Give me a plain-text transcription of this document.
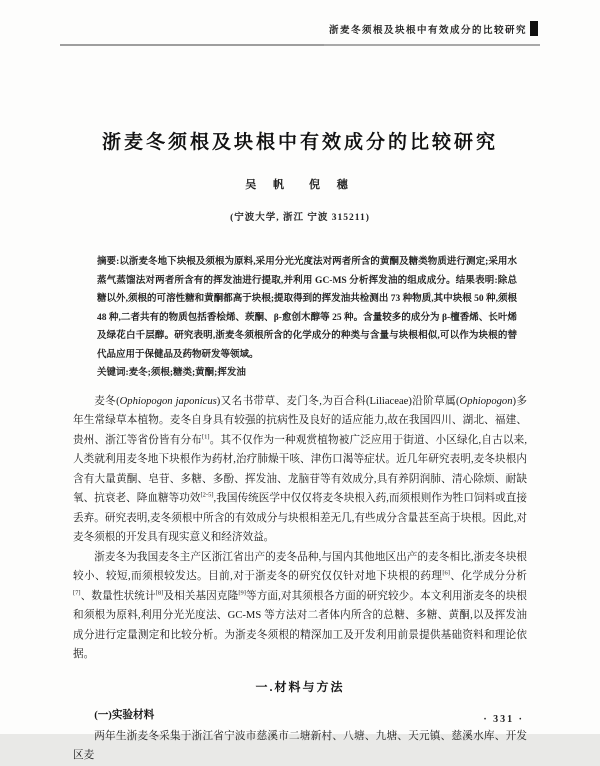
浙麦冬须根及块根中有效成分的比较研究
浙麦冬须根及块根中有效成分的比较研究
吴 帆　倪 穗
(宁波大学, 浙江 宁波 315211)
摘要:以浙麦冬地下块根及须根为原料,采用分光光度法对两者所含的黄酮及糖类物质进行测定;采用水蒸气蒸馏法对两者所含有的挥发油进行提取,并利用 GC-MS 分析挥发油的组成成分。结果表明:除总糖以外,须根的可溶性糖和黄酮都高于块根;提取得到的挥发油共检测出 73 种物质,其中块根 50 种,须根 48 种,二者共有的物质包括香桧烯、莰酮、β-愈创木醇等 25 种。含量较多的成分为 β-檀香烯、长叶烯及绿花白千层醇。研究表明,浙麦冬须根所含的化学成分的种类与含量与块根相似,可以作为块根的替代品应用于保健品及药物研发等领域。
关键词:麦冬;须根;糖类;黄酮;挥发油

麦冬(Ophiopogon japonicus)又名书带草、麦门冬,为百合科(Liliaceae)沿阶草属(Ophiopogon)多年生常绿草本植物。麦冬自身具有较强的抗病性及良好的适应能力,故在我国四川、湖北、福建、贵州、浙江等省份皆有分布[1]。其不仅作为一种观赏植物被广泛应用于街道、小区绿化,自古以来,人类就利用麦冬地下块根作为药材,治疗肺燥干咳、津伤口渴等症状。近几年研究表明,麦冬块根内含有大量黄酮、皂苷、多糖、多酚、挥发油、龙脑苷等有效成分,具有养阴润肺、清心除烦、耐缺氧、抗衰老、降血糖等功效[2-5],我国传统医学中仅仅将麦冬块根入药,而须根则作为牲口饲料或直接丢弃。研究表明,麦冬须根中所含的有效成分与块根相差无几,有些成分含量甚至高于块根。因此,对麦冬须根的开发具有现实意义和经济效益。

浙麦冬为我国麦冬主产区浙江省出产的麦冬品种,与国内其他地区出产的麦冬相比,浙麦冬块根较小、较短,而须根较发达。目前,对于浙麦冬的研究仅仅针对地下块根的药理[6]、化学成分分析[7]、数量性状统计[8]及相关基因克隆[9]等方面,对其须根各方面的研究较少。本文利用浙麦冬的块根和须根为原料,利用分光光度法、GC-MS 等方法对二者体内所含的总糖、多糖、黄酮,以及挥发油成分进行定量测定和比较分析。为浙麦冬须根的精深加工及开发利用前景提供基础资料和理论依据。

一.材料与方法

(一)实验材料

两年生浙麦冬采集于浙江省宁波市慈溪市二塘新村、八塘、九塘、天元镇、慈溪水库、开发区麦

· 331 ·
